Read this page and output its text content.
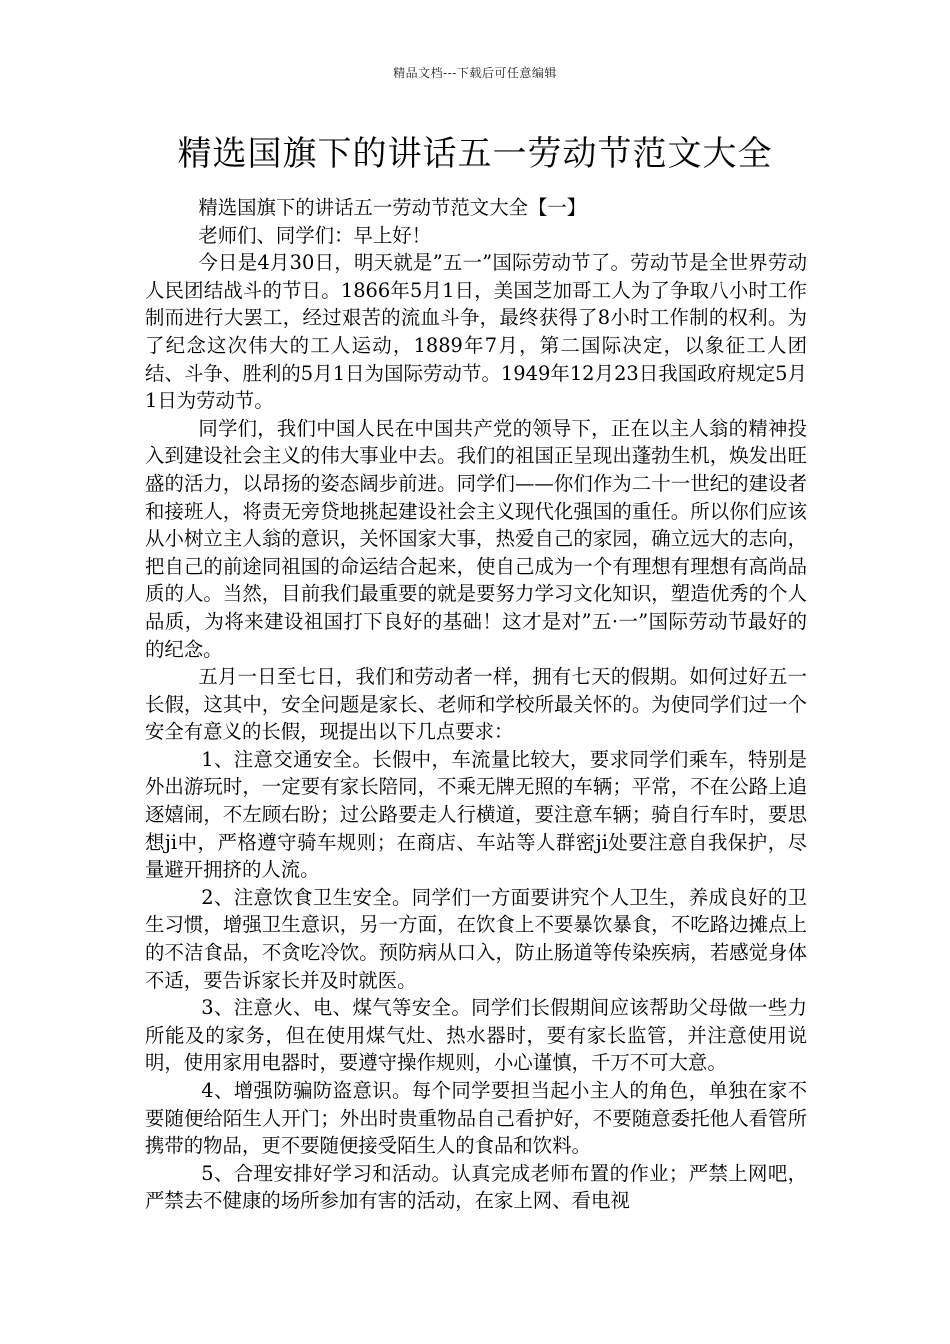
精品文档---下载后可任意编辑
精选国旗下的讲话五一劳动节范文大全

精选国旗下的讲话五一劳动节范文大全【一】

老师们、同学们：早上好！

今日是4月30日，明天就是”五一”国际劳动节了。劳动节是全世界劳动人民团结战斗的节日。1866年5月1日，美国芝加哥工人为了争取八小时工作制而进行大罢工，经过艰苦的流血斗争，最终获得了8小时工作制的权利。为了纪念这次伟大的工人运动，1889年7月，第二国际决定，以象征工人团结、斗争、胜利的5月1日为国际劳动节。1949年12月23日我国政府规定5月1日为劳动节。

同学们，我们中国人民在中国共产党的领导下，正在以主人翁的精神投入到建设社会主义的伟大事业中去。我们的祖国正呈现出蓬勃生机，焕发出旺盛的活力，以昂扬的姿态阔步前进。同学们——你们作为二十一世纪的建设者和接班人，将责无旁贷地挑起建设社会主义现代化强国的重任。所以你们应该从小树立主人翁的意识，关怀国家大事，热爱自己的家园，确立远大的志向，把自己的前途同祖国的命运结合起来，使自己成为一个有理想有理想有高尚品质的人。当然，目前我们最重要的就是要努力学习文化知识，塑造优秀的个人品质，为将来建设祖国打下良好的基础！这才是对”五·一”国际劳动节最好的的纪念。

五月一日至七日，我们和劳动者一样，拥有七天的假期。如何过好五一长假，这其中，安全问题是家长、老师和学校所最关怀的。为使同学们过一个安全有意义的长假，现提出以下几点要求：

1、注意交通安全。长假中，车流量比较大，要求同学们乘车，特别是外出游玩时，一定要有家长陪同，不乘无牌无照的车辆；平常，不在公路上追逐嬉闹，不左顾右盼；过公路要走人行横道，要注意车辆；骑自行车时，要思想ji中，严格遵守骑车规则；在商店、车站等人群密ji处要注意自我保护，尽量避开拥挤的人流。

2、注意饮食卫生安全。同学们一方面要讲究个人卫生，养成良好的卫生习惯，增强卫生意识，另一方面，在饮食上不要暴饮暴食，不吃路边摊点上的不洁食品，不贪吃冷饮。预防病从口入，防止肠道等传染疾病，若感觉身体不适，要告诉家长并及时就医。

3、注意火、电、煤气等安全。同学们长假期间应该帮助父母做一些力所能及的家务，但在使用煤气灶、热水器时，要有家长监管，并注意使用说明，使用家用电器时，要遵守操作规则，小心谨慎，千万不可大意。

4、增强防骗防盗意识。每个同学要担当起小主人的角色，单独在家不要随便给陌生人开门；外出时贵重物品自己看护好，不要随意委托他人看管所携带的物品，更不要随便接受陌生人的食品和饮料。

5、合理安排好学习和活动。认真完成老师布置的作业；严禁上网吧，严禁去不健康的场所参加有害的活动，在家上网、看电视
